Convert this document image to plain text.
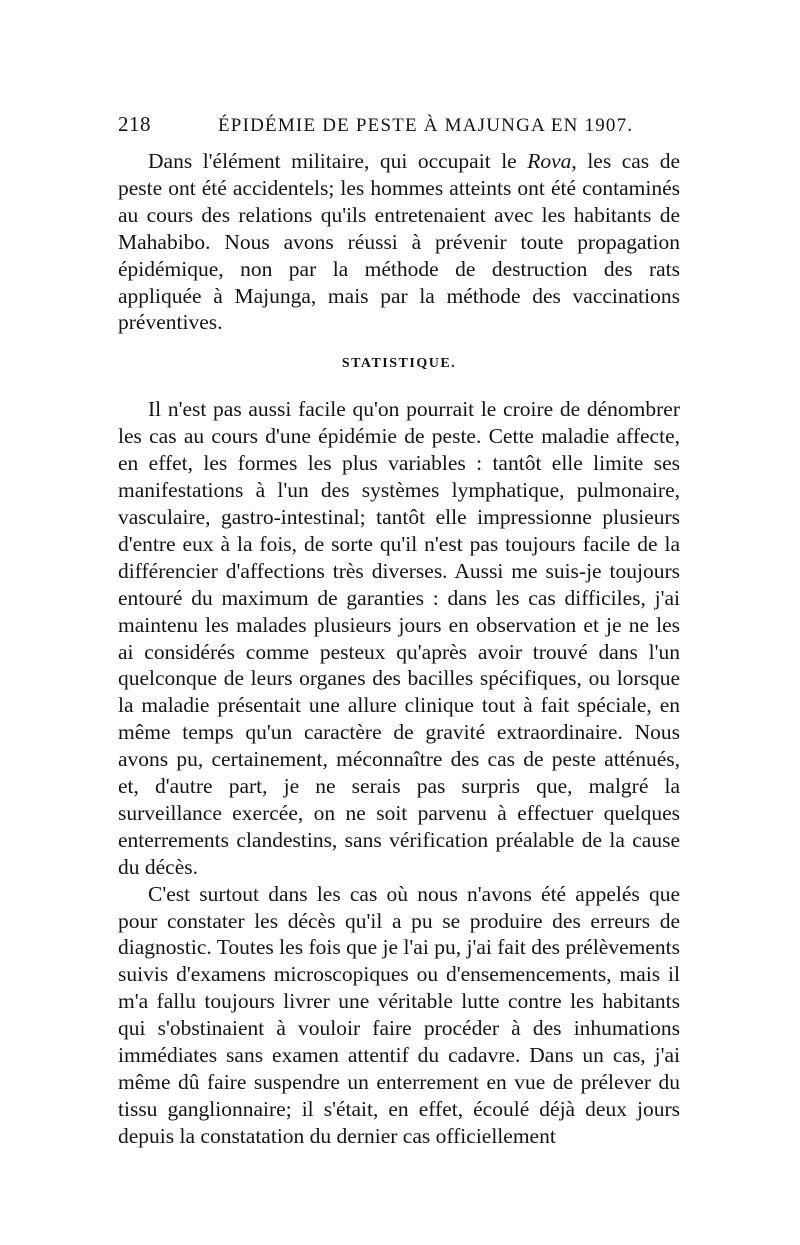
218	ÉPIDÉMIE DE PESTE À MAJUNGA EN 1907.

Dans l'élément militaire, qui occupait le Rova, les cas de peste ont été accidentels; les hommes atteints ont été contaminés au cours des relations qu'ils entretenaient avec les habitants de Mahabibo. Nous avons réussi à prévenir toute propagation épidémique, non par la méthode de destruction des rats appliquée à Majunga, mais par la méthode des vaccinations préventives.

STATISTIQUE.

Il n'est pas aussi facile qu'on pourrait le croire de dénombrer les cas au cours d'une épidémie de peste. Cette maladie affecte, en effet, les formes les plus variables : tantôt elle limite ses manifestations à l'un des systèmes lymphatique, pulmonaire, vasculaire, gastro-intestinal; tantôt elle impressionne plusieurs d'entre eux à la fois, de sorte qu'il n'est pas toujours facile de la différencier d'affections très diverses. Aussi me suis-je toujours entouré du maximum de garanties : dans les cas difficiles, j'ai maintenu les malades plusieurs jours en observation et je ne les ai considérés comme pesteux qu'après avoir trouvé dans l'un quelconque de leurs organes des bacilles spécifiques, ou lorsque la maladie présentait une allure clinique tout à fait spéciale, en même temps qu'un caractère de gravité extraordinaire. Nous avons pu, certainement, méconnaître des cas de peste atténués, et, d'autre part, je ne serais pas surpris que, malgré la surveillance exercée, on ne soit parvenu à effectuer quelques enterrements clandestins, sans vérification préalable de la cause du décès.

C'est surtout dans les cas où nous n'avons été appelés que pour constater les décès qu'il a pu se produire des erreurs de diagnostic. Toutes les fois que je l'ai pu, j'ai fait des prélèvements suivis d'examens microscopiques ou d'ensemencements, mais il m'a fallu toujours livrer une véritable lutte contre les habitants qui s'obstinaient à vouloir faire procéder à des inhumations immédiates sans examen attentif du cadavre. Dans un cas, j'ai même dû faire suspendre un enterrement en vue de prélever du tissu ganglionnaire; il s'était, en effet, écoulé déjà deux jours depuis la constatation du dernier cas officiellement
